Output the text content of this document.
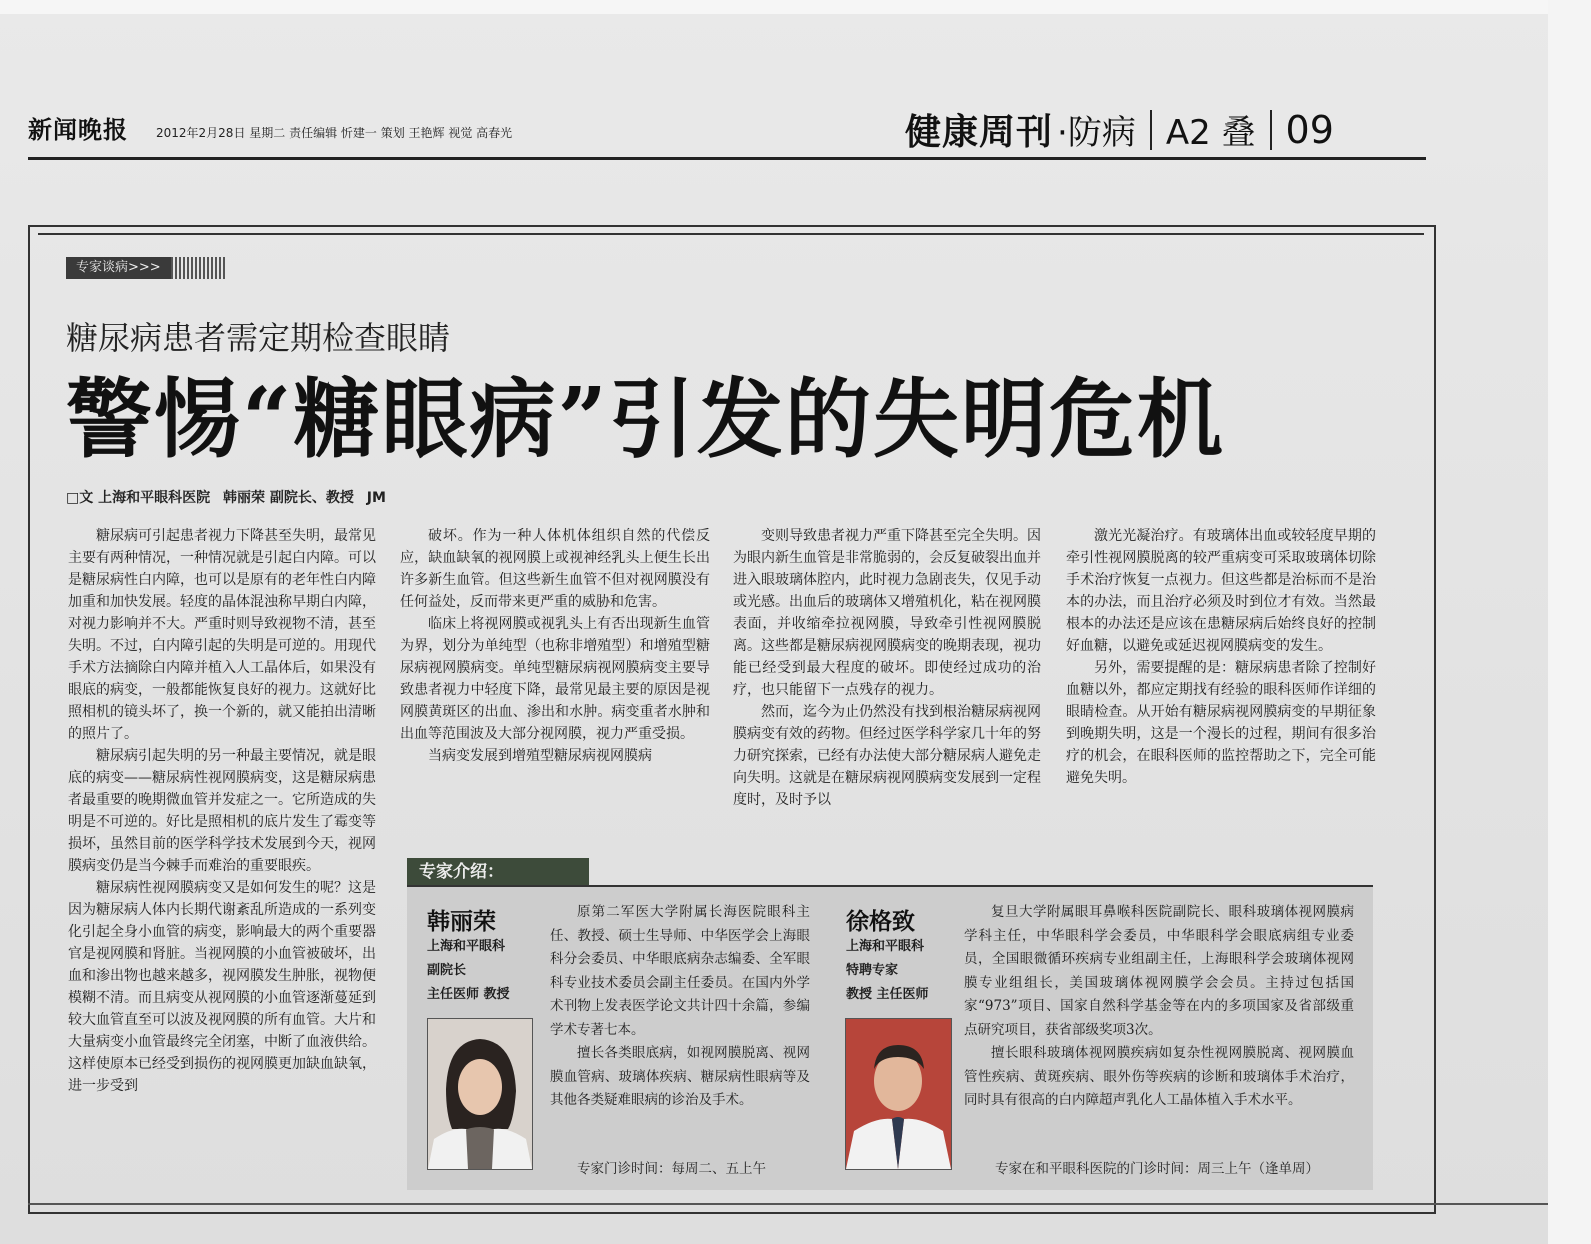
新闻晚报 2012年2月28日 星期二 责任编辑 忻建一 策划 王艳辉 视觉 高春光	健康周刊 ·防病 A2 叠 09
专家谈病>>>
糖尿病患者需定期检查眼睛
警惕“糖眼病”引发的失明危机
□文 上海和平眼科医院 韩丽荣 副院长、教授 JM

糖尿病可引起患者视力下降甚至失明，最常见主要有两种情况，一种情况就是引起白内障。可以是糖尿病性白内障，也可以是原有的老年性白内障加重和加快发展。轻度的晶体混浊称早期白内障，对视力影响并不大。严重时则导致视物不清，甚至失明。不过，白内障引起的失明是可逆的。用现代手术方法摘除白内障并植入人工晶体后，如果没有眼底的病变，一般都能恢复良好的视力。这就好比照相机的镜头坏了，换一个新的，就又能拍出清晰的照片了。

糖尿病引起失明的另一种最主要情况，就是眼底的病变——糖尿病性视网膜病变，这是糖尿病患者最重要的晚期微血管并发症之一。它所造成的失明是不可逆的。好比是照相机的底片发生了霉变等损坏，虽然目前的医学科学技术发展到今天，视网膜病变仍是当今棘手而难治的重要眼疾。

糖尿病性视网膜病变又是如何发生的呢？这是因为糖尿病人体内长期代谢紊乱所造成的一系列变化引起全身小血管的病变，影响最大的两个重要器官是视网膜和肾脏。当视网膜的小血管被破坏，出血和渗出物也越来越多，视网膜发生肿胀，视物便模糊不清。而且病变从视网膜的小血管逐渐蔓延到较大血管直至可以波及视网膜的所有血管。大片和大量病变小血管最终完全闭塞，中断了血液供给。这样使原本已经受到损伤的视网膜更加缺血缺氧，进一步受到

破坏。作为一种人体机体组织自然的代偿反应，缺血缺氧的视网膜上或视神经乳头上便生长出许多新生血管。但这些新生血管不但对视网膜没有任何益处，反而带来更严重的威胁和危害。

临床上将视网膜或视乳头上有否出现新生血管为界，划分为单纯型（也称非增殖型）和增殖型糖尿病视网膜病变。单纯型糖尿病视网膜病变主要导致患者视力中轻度下降，最常见最主要的原因是视网膜黄斑区的出血、渗出和水肿。病变重者水肿和出血等范围波及大部分视网膜，视力严重受损。

当病变发展到增殖型糖尿病视网膜病

变则导致患者视力严重下降甚至完全失明。因为眼内新生血管是非常脆弱的，会反复破裂出血并进入眼玻璃体腔内，此时视力急剧丧失，仅见手动或光感。出血后的玻璃体又增殖机化，粘在视网膜表面，并收缩牵拉视网膜，导致牵引性视网膜脱离。这些都是糖尿病视网膜病变的晚期表现，视功能已经受到最大程度的破坏。即使经过成功的治疗，也只能留下一点残存的视力。

然而，迄今为止仍然没有找到根治糖尿病视网膜病变有效的药物。但经过医学科学家几十年的努力研究探索，已经有办法使大部分糖尿病人避免走向失明。这就是在糖尿病视网膜病变发展到一定程度时，及时予以

激光光凝治疗。有玻璃体出血或较轻度早期的牵引性视网膜脱离的较严重病变可采取玻璃体切除手术治疗恢复一点视力。但这些都是治标而不是治本的办法，而且治疗必须及时到位才有效。当然最根本的办法还是应该在患糖尿病后始终良好的控制好血糖，以避免或延迟视网膜病变的发生。

另外，需要提醒的是：糖尿病患者除了控制好血糖以外，都应定期找有经验的眼科医师作详细的眼睛检查。从开始有糖尿病视网膜病变的早期征象到晚期失明，这是一个漫长的过程，期间有很多治疗的机会，在眼科医师的监控帮助之下，完全可能避免失明。

专家介绍：
韩丽荣
上海和平眼科
副院长
主任医师 教授

原第二军医大学附属长海医院眼科主任、教授、硕士生导师、中华医学会上海眼科分会委员、中华眼底病杂志编委、全军眼科专业技术委员会副主任委员。在国内外学术刊物上发表医学论文共计四十余篇，参编学术专著七本。

擅长各类眼底病，如视网膜脱离、视网膜血管病、玻璃体疾病、糖尿病性眼病等及其他各类疑难眼病的诊治及手术。

专家门诊时间：每周二、五上午
徐格致
上海和平眼科
特聘专家
教授 主任医师

复旦大学附属眼耳鼻喉科医院副院长、眼科玻璃体视网膜病学科主任，中华眼科学会委员，中华眼科学会眼底病组专业委员，全国眼微循环疾病专业组副主任，上海眼科学会玻璃体视网膜专业组组长，美国玻璃体视网膜学会会员。主持过包括国家“973”项目、国家自然科学基金等在内的多项国家及省部级重点研究项目，获省部级奖项3次。

擅长眼科玻璃体视网膜疾病如复杂性视网膜脱离、视网膜血管性疾病、黄斑疾病、眼外伤等疾病的诊断和玻璃体手术治疗，同时具有很高的白内障超声乳化人工晶体植入手术水平。

专家在和平眼科医院的门诊时间：周三上午（逢单周）
